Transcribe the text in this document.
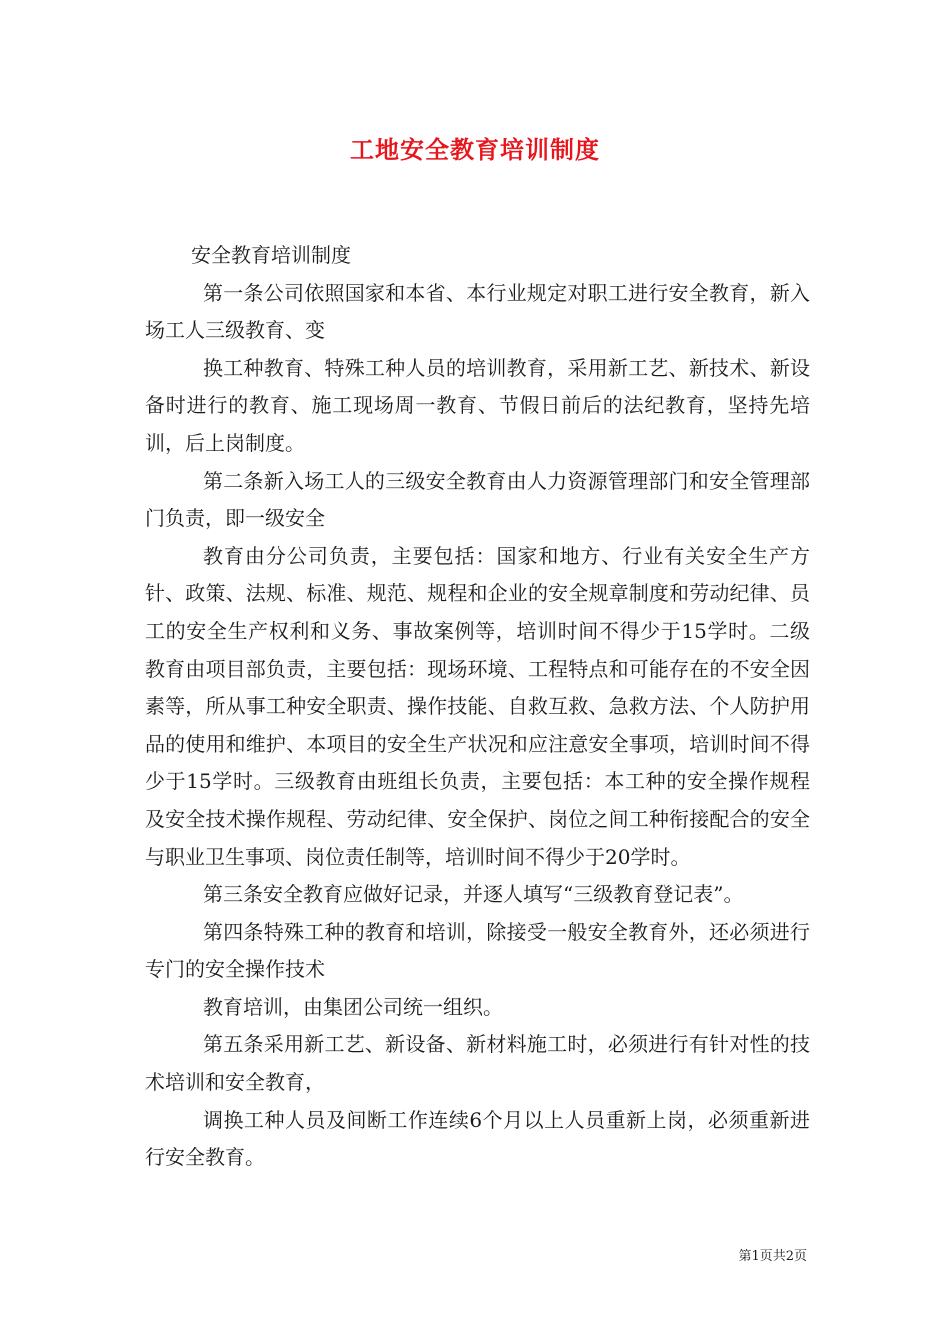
工地安全教育培训制度

安全教育培训制度

第一条公司依照国家和本省、本行业规定对职工进行安全教育，新入场工人三级教育、变

换工种教育、特殊工种人员的培训教育，采用新工艺、新技术、新设备时进行的教育、施工现场周一教育、节假日前后的法纪教育，坚持先培训，后上岗制度。

第二条新入场工人的三级安全教育由人力资源管理部门和安全管理部门负责，即一级安全

教育由分公司负责，主要包括：国家和地方、行业有关安全生产方针、政策、法规、标准、规范、规程和企业的安全规章制度和劳动纪律、员工的安全生产权利和义务、事故案例等，培训时间不得少于15学时。二级教育由项目部负责，主要包括：现场环境、工程特点和可能存在的不安全因素等，所从事工种安全职责、操作技能、自救互救、急救方法、个人防护用品的使用和维护、本项目的安全生产状况和应注意安全事项，培训时间不得少于15学时。三级教育由班组长负责，主要包括：本工种的安全操作规程及安全技术操作规程、劳动纪律、安全保护、岗位之间工种衔接配合的安全与职业卫生事项、岗位责任制等，培训时间不得少于20学时。

第三条安全教育应做好记录，并逐人填写“三级教育登记表”。

第四条特殊工种的教育和培训，除接受一般安全教育外，还必须进行专门的安全操作技术

教育培训，由集团公司统一组织。

第五条采用新工艺、新设备、新材料施工时，必须进行有针对性的技术培训和安全教育，

调换工种人员及间断工作连续6个月以上人员重新上岗，必须重新进行安全教育。

第1页共2页
